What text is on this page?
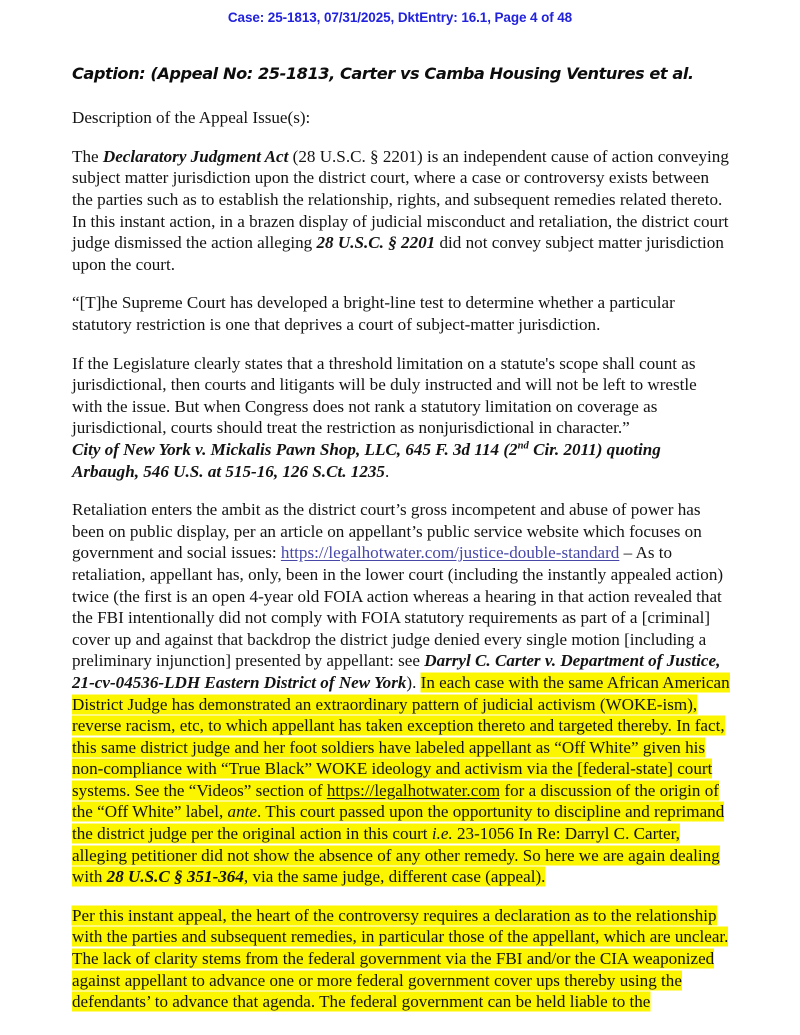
Case: 25-1813, 07/31/2025, DktEntry: 16.1, Page 4 of 48
Caption: (Appeal No: 25-1813, Carter vs Camba Housing Ventures et al.

Description of the Appeal Issue(s):

The Declaratory Judgment Act (28 U.S.C. § 2201) is an independent cause of action conveying subject matter jurisdiction upon the district court, where a case or controversy exists between the parties such as to establish the relationship, rights, and subsequent remedies related thereto. In this instant action, in a brazen display of judicial misconduct and retaliation, the district court judge dismissed the action alleging 28 U.S.C. § 2201 did not convey subject matter jurisdiction upon the court.

“[T]he Supreme Court has developed a bright-line test to determine whether a particular statutory restriction is one that deprives a court of subject-matter jurisdiction.

If the Legislature clearly states that a threshold limitation on a statute's scope shall count as jurisdictional, then courts and litigants will be duly instructed and will not be left to wrestle with the issue. But when Congress does not rank a statutory limitation on coverage as jurisdictional, courts should treat the restriction as nonjurisdictional in character.”
City of New York v. Mickalis Pawn Shop, LLC, 645 F. 3d 114 (2nd Cir. 2011) quoting Arbaugh, 546 U.S. at 515-16, 126 S.Ct. 1235.

Retaliation enters the ambit as the district court’s gross incompetent and abuse of power has been on public display, per an article on appellant’s public service website which focuses on government and social issues: https://legalhotwater.com/justice-double-standard – As to retaliation, appellant has, only, been in the lower court (including the instantly appealed action) twice (the first is an open 4-year old FOIA action whereas a hearing in that action revealed that the FBI intentionally did not comply with FOIA statutory requirements as part of a [criminal] cover up and against that backdrop the district judge denied every single motion [including a preliminary injunction] presented by appellant: see Darryl C. Carter v. Department of Justice, 21-cv-04536-LDH Eastern District of New York). In each case with the same African American District Judge has demonstrated an extraordinary pattern of judicial activism (WOKE-ism), reverse racism, etc, to which appellant has taken exception thereto and targeted thereby. In fact, this same district judge and her foot soldiers have labeled appellant as “Off White” given his non-compliance with “True Black” WOKE ideology and activism via the [federal-state] court systems. See the “Videos” section of https://legalhotwater.com for a discussion of the origin of the “Off White” label, ante. This court passed upon the opportunity to discipline and reprimand the district judge per the original action in this court i.e. 23-1056 In Re: Darryl C. Carter, alleging petitioner did not show the absence of any other remedy. So here we are again dealing with 28 U.S.C § 351-364, via the same judge, different case (appeal).

Per this instant appeal, the heart of the controversy requires a declaration as to the relationship with the parties and subsequent remedies, in particular those of the appellant, which are unclear. The lack of clarity stems from the federal government via the FBI and/or the CIA weaponized against appellant to advance one or more federal government cover ups thereby using the defendants’ to advance that agenda. The federal government can be held liable to the
